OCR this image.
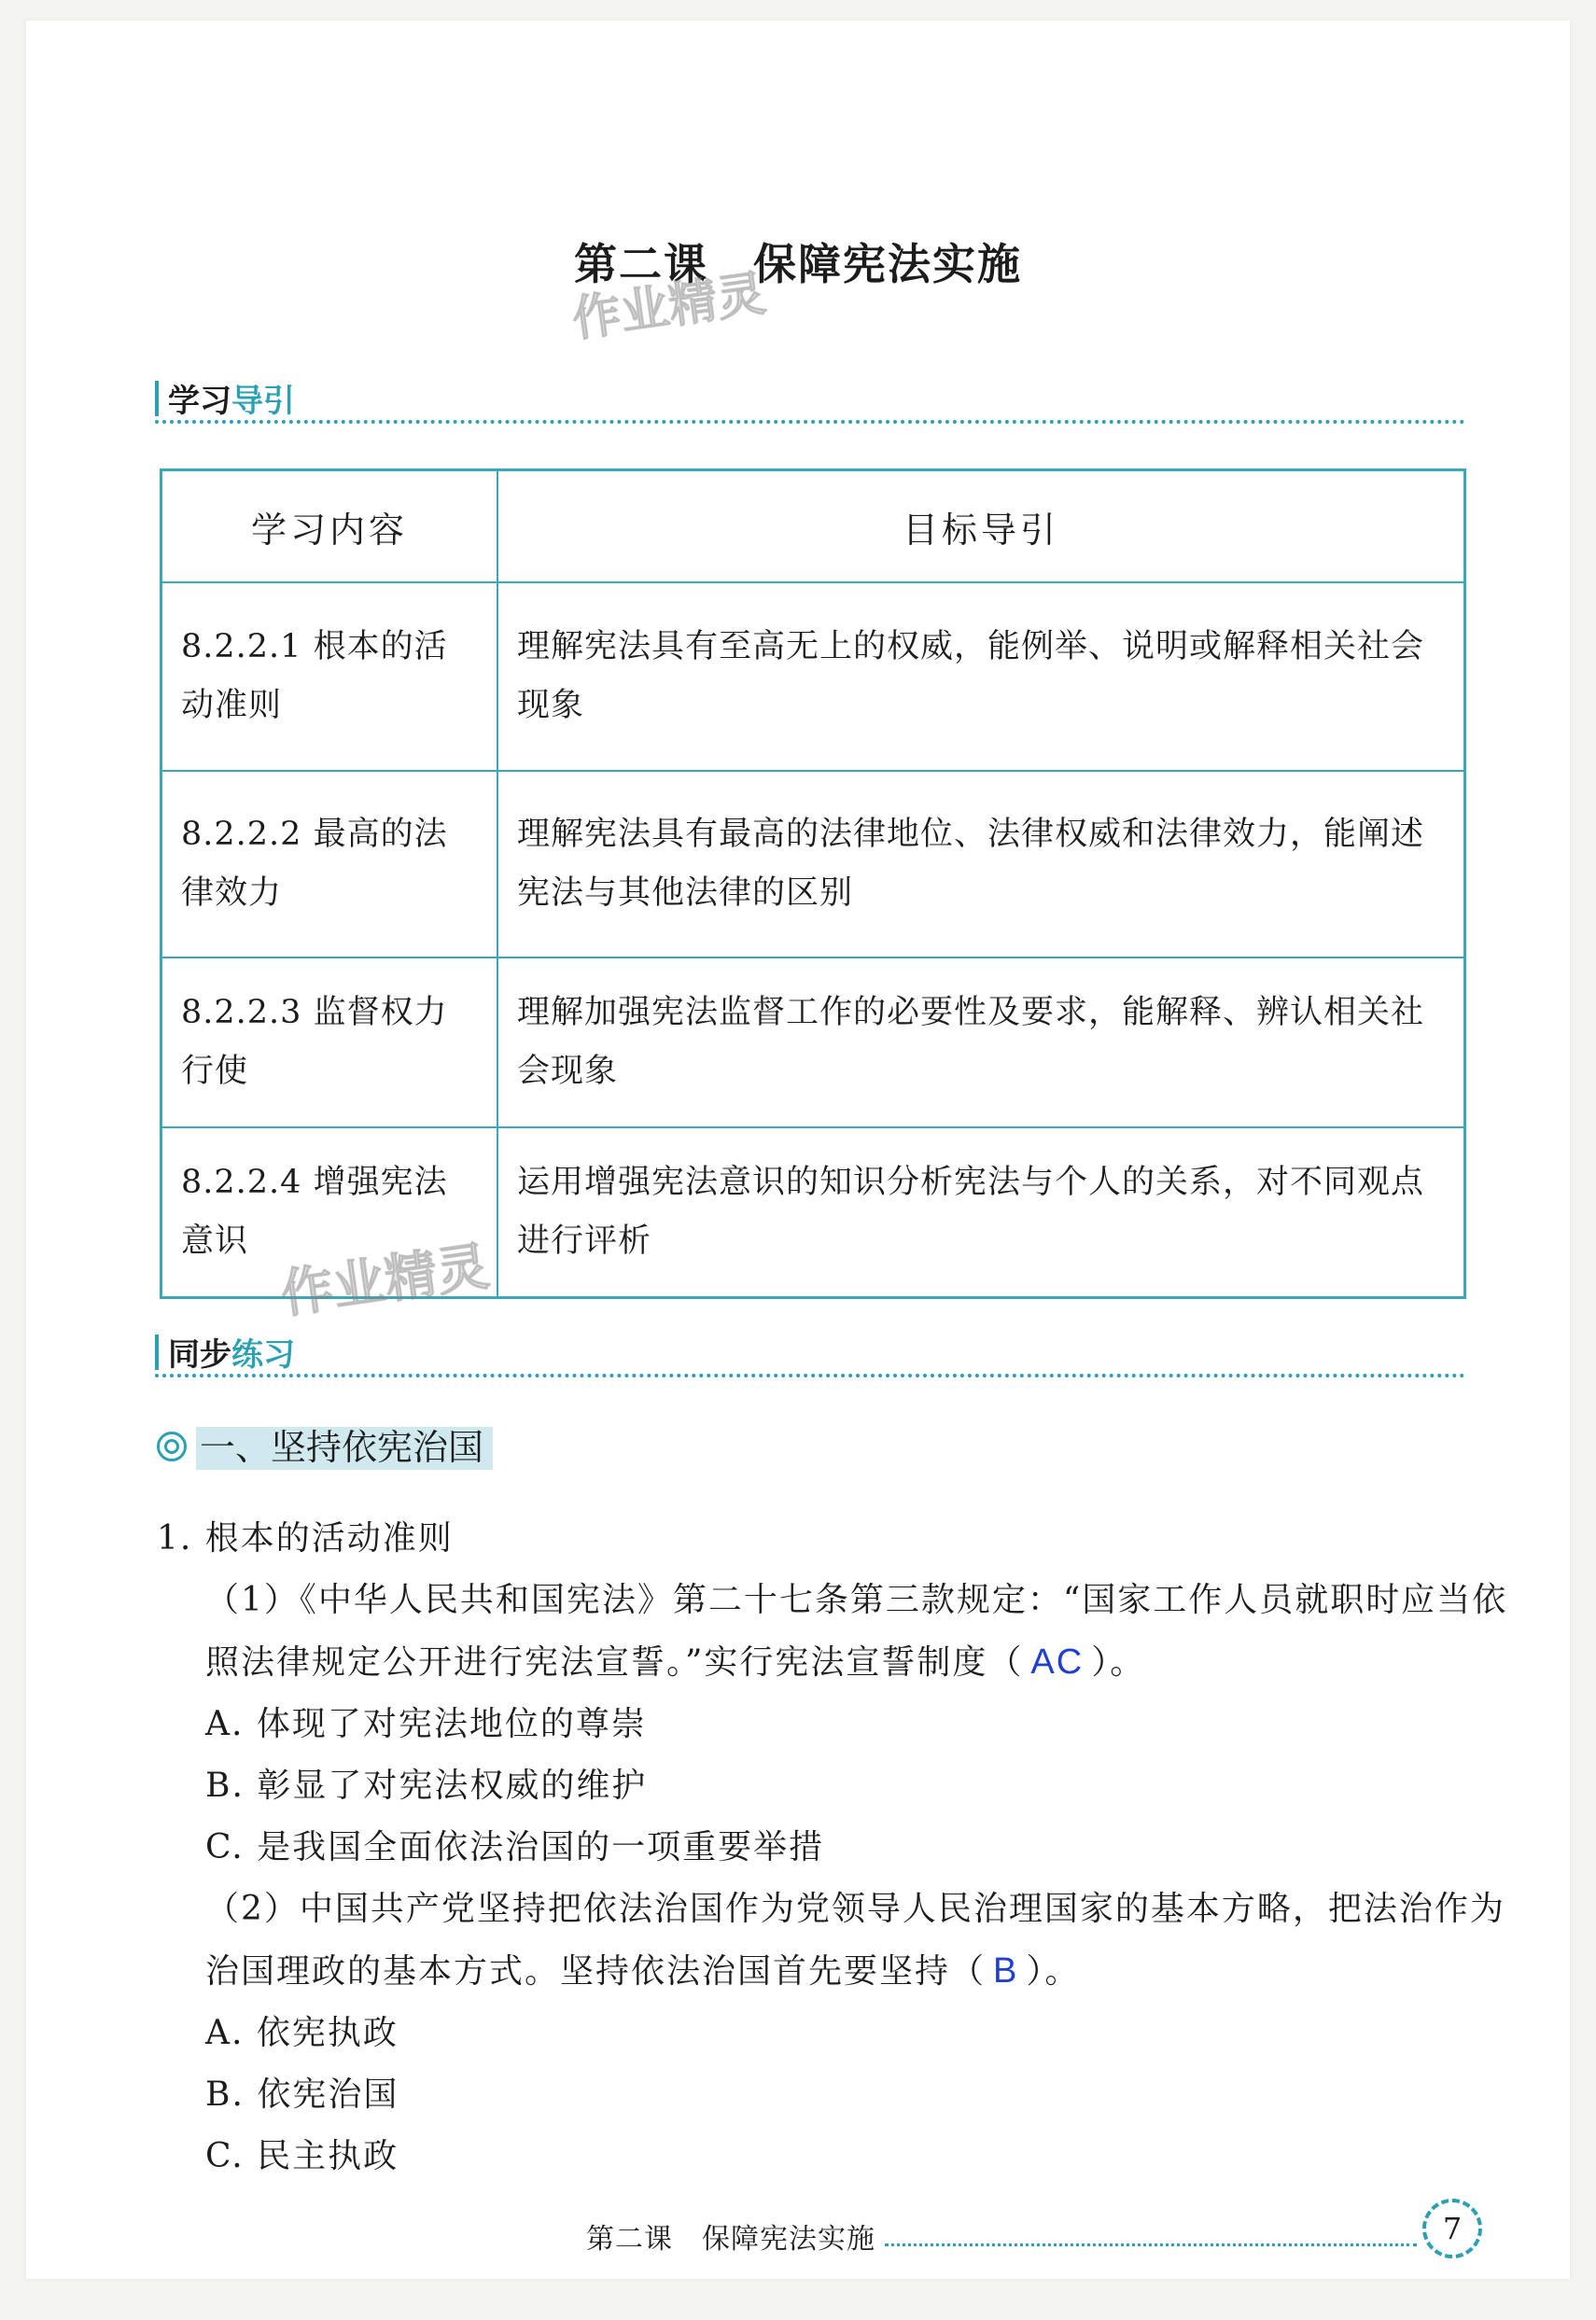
第二课　保障宪法实施
作业精灵
学习导引
学习内容	目标导引
8.2.2.1 根本的活动准则	理解宪法具有至高无上的权威，能例举、说明或解释相关社会现象
8.2.2.2 最高的法律效力	理解宪法具有最高的法律地位、法律权威和法律效力，能阐述宪法与其他法律的区别
8.2.2.3 监督权力行使	理解加强宪法监督工作的必要性及要求，能解释、辨认相关社会现象
8.2.2.4 增强宪法意识	运用增强宪法意识的知识分析宪法与个人的关系，对不同观点进行评析
作业精灵
同步练习
一、坚持依宪治国
1. 根本的活动准则

（1）《中华人民共和国宪法》第二十七条第三款规定：“国家工作人员就职时应当依照法律规定公开进行宪法宣誓。”实行宪法宣誓制度（ AC ）。

A. 体现了对宪法地位的尊崇

B. 彰显了对宪法权威的维护

C. 是我国全面依法治国的一项重要举措

（2）中国共产党坚持把依法治国作为党领导人民治理国家的基本方略，把法治作为治国理政的基本方式。坚持依法治国首先要坚持（ B ）。

A. 依宪执政

B. 依宪治国

C. 民主执政

第二课　保障宪法实施	7
